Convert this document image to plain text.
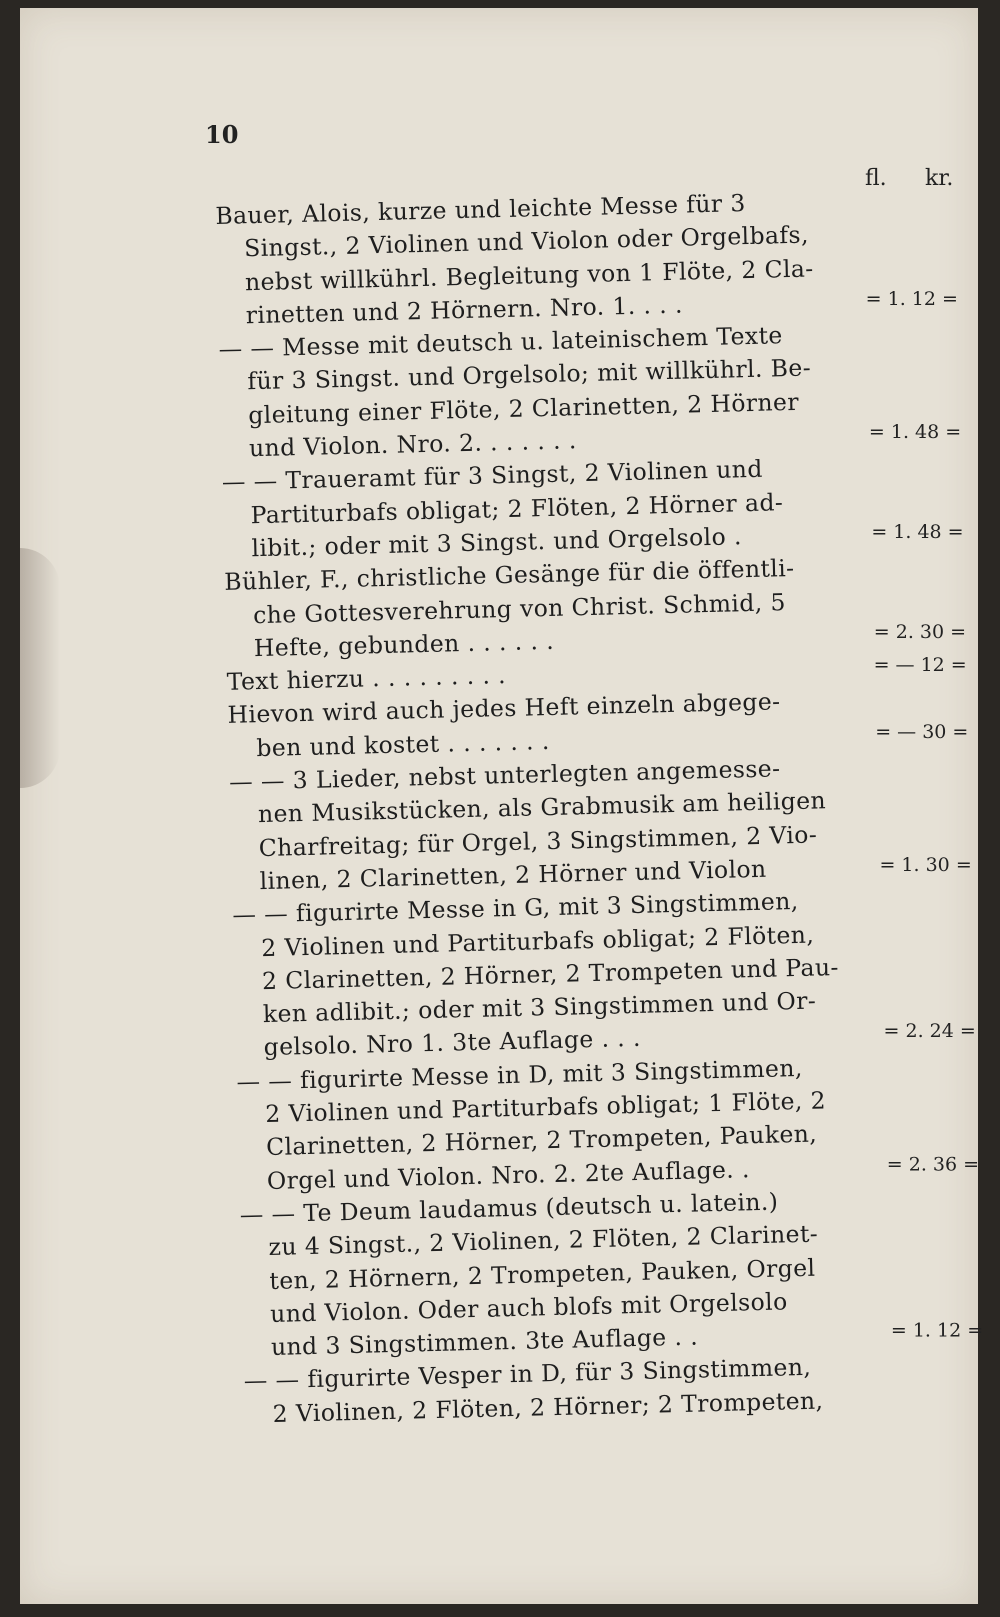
10
fl. kr.
Bauer, Alois, kurze und leichte Messe für 3
Singst., 2 Violinen und Violon oder Orgelbafs,
nebst willkührl. Begleitung von 1 Flöte, 2 Cla-
rinetten und 2 Hörnern. Nro. 1. . . .	= 1. 12 =
— — Messe mit deutsch u. lateinischem Texte
für 3 Singst. und Orgelsolo; mit willkührl. Be-
gleitung einer Flöte, 2 Clarinetten, 2 Hörner
und Violon. Nro. 2. . . . . . .	= 1. 48 =
— — Traueramt für 3 Singst, 2 Violinen und
Partiturbafs obligat; 2 Flöten, 2 Hörner ad-
libit.; oder mit 3 Singst. und Orgelsolo .	= 1. 48 =
Bühler, F., christliche Gesänge für die öffentli-
che Gottesverehrung von Christ. Schmid, 5
Hefte, gebunden . . . . . .	= 2. 30 =
Text hierzu . . . . . . . . .	= — 12 =
Hievon wird auch jedes Heft einzeln abgege-
ben und kostet . . . . . . .	= — 30 =
— — 3 Lieder, nebst unterlegten angemesse-
nen Musikstücken, als Grabmusik am heiligen
Charfreitag; für Orgel, 3 Singstimmen, 2 Vio-
linen, 2 Clarinetten, 2 Hörner und Violon	= 1. 30 =
— — figurirte Messe in G, mit 3 Singstimmen,
2 Violinen und Partiturbafs obligat; 2 Flöten,
2 Clarinetten, 2 Hörner, 2 Trompeten und Pau-
ken adlibit.; oder mit 3 Singstimmen und Or-
gelsolo. Nro 1. 3te Auflage . . .	= 2. 24 =
— — figurirte Messe in D, mit 3 Singstimmen,
2 Violinen und Partiturbafs obligat; 1 Flöte, 2
Clarinetten, 2 Hörner, 2 Trompeten, Pauken,
Orgel und Violon. Nro. 2. 2te Auflage. .	= 2. 36 =
— — Te Deum laudamus (deutsch u. latein.)
zu 4 Singst., 2 Violinen, 2 Flöten, 2 Clarinet-
ten, 2 Hörnern, 2 Trompeten, Pauken, Orgel
und Violon. Oder auch blofs mit Orgelsolo
und 3 Singstimmen. 3te Auflage . .	= 1. 12 =
— — figurirte Vesper in D, für 3 Singstimmen,
2 Violinen, 2 Flöten, 2 Hörner; 2 Trompeten,
